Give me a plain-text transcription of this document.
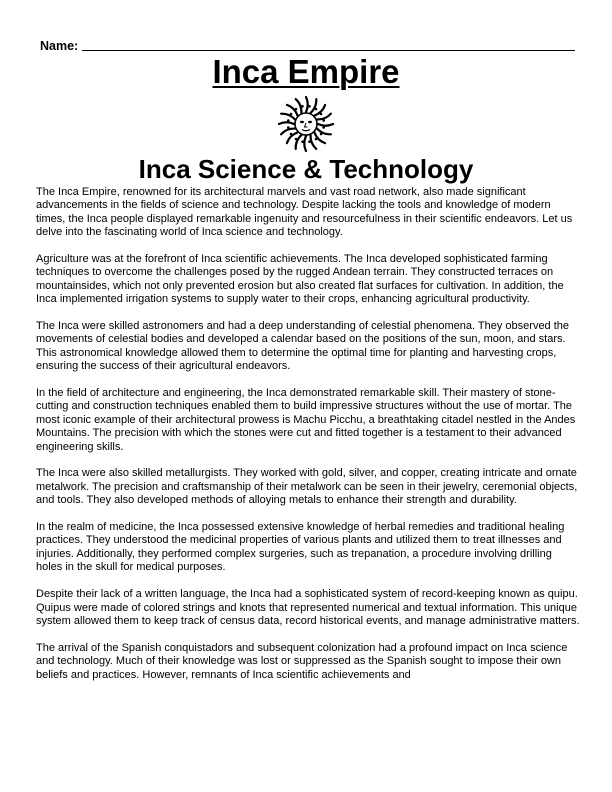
Name:
Inca Empire
Inca Science & Technology

The Inca Empire, renowned for its architectural marvels and vast road network, also made significant advancements in the fields of science and technology. Despite lacking the tools and knowledge of modern times, the Inca people displayed remarkable ingenuity and resourcefulness in their scientific endeavors. Let us delve into the fascinating world of Inca science and technology.

Agriculture was at the forefront of Inca scientific achievements. The Inca developed sophisticated farming techniques to overcome the challenges posed by the rugged Andean terrain. They constructed terraces on mountainsides, which not only prevented erosion but also created flat surfaces for cultivation. In addition, the Inca implemented irrigation systems to supply water to their crops, enhancing agricultural productivity.

The Inca were skilled astronomers and had a deep understanding of celestial phenomena. They observed the movements of celestial bodies and developed a calendar based on the positions of the sun, moon, and stars. This astronomical knowledge allowed them to determine the optimal time for planting and harvesting crops, ensuring the success of their agricultural endeavors.

In the field of architecture and engineering, the Inca demonstrated remarkable skill. Their mastery of stone-cutting and construction techniques enabled them to build impressive structures without the use of mortar. The most iconic example of their architectural prowess is Machu Picchu, a breathtaking citadel nestled in the Andes Mountains. The precision with which the stones were cut and fitted together is a testament to their advanced engineering skills.

The Inca were also skilled metallurgists. They worked with gold, silver, and copper, creating intricate and ornate metalwork. The precision and craftsmanship of their metalwork can be seen in their jewelry, ceremonial objects, and tools. They also developed methods of alloying metals to enhance their strength and durability.

In the realm of medicine, the Inca possessed extensive knowledge of herbal remedies and traditional healing practices. They understood the medicinal properties of various plants and utilized them to treat illnesses and injuries. Additionally, they performed complex surgeries, such as trepanation, a procedure involving drilling holes in the skull for medical purposes.

Despite their lack of a written language, the Inca had a sophisticated system of record-keeping known as quipu. Quipus were made of colored strings and knots that represented numerical and textual information. This unique system allowed them to keep track of census data, record historical events, and manage administrative matters.

The arrival of the Spanish conquistadors and subsequent colonization had a profound impact on Inca science and technology. Much of their knowledge was lost or suppressed as the Spanish sought to impose their own beliefs and practices. However, remnants of Inca scientific achievements and
